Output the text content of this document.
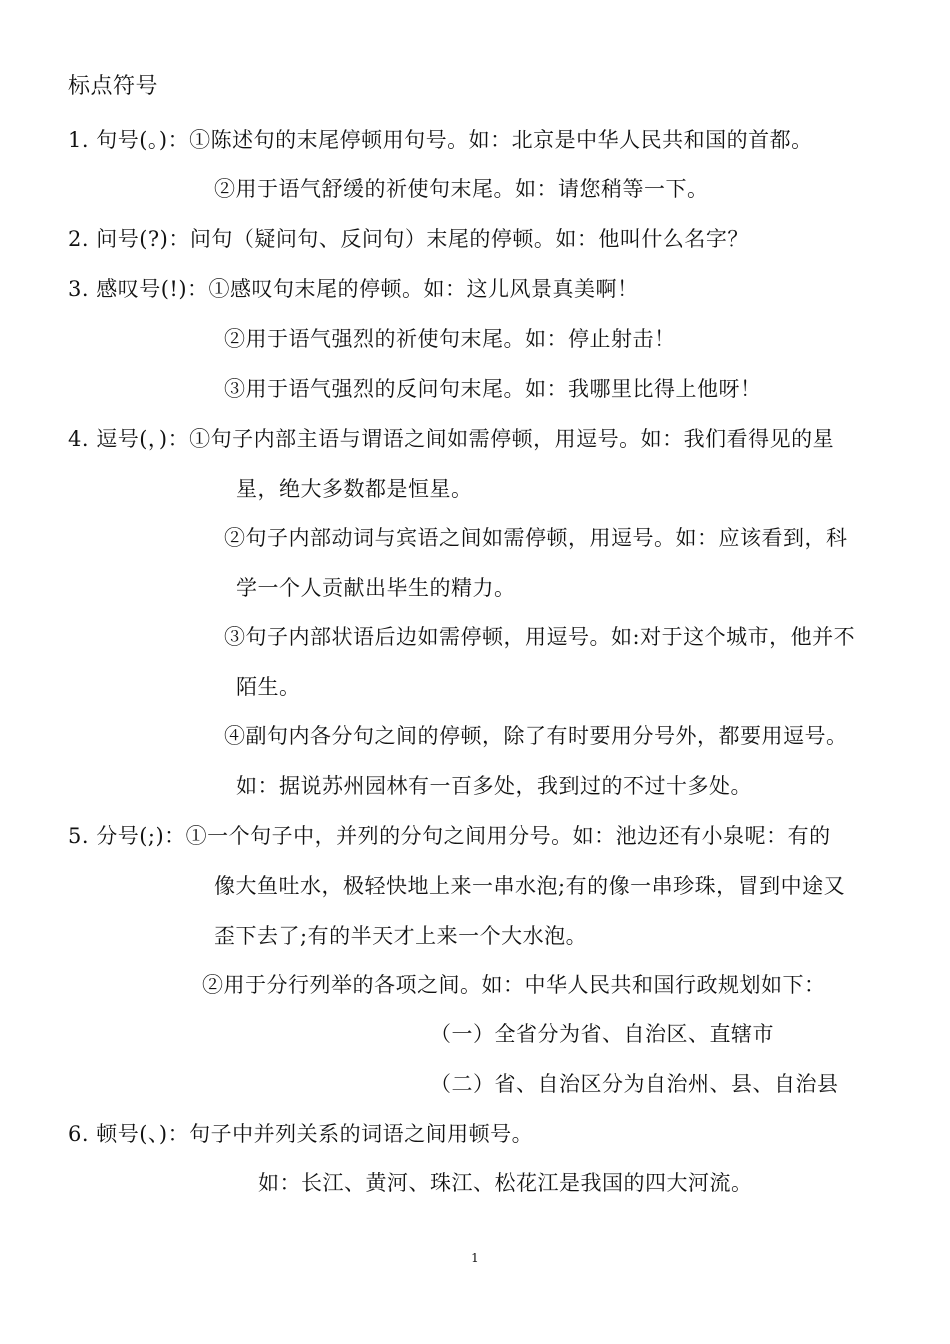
标点符号
1. 句号(。)：①陈述句的末尾停顿用句号。如：北京是中华人民共和国的首都。
②用于语气舒缓的祈使句末尾。如：请您稍等一下。
2. 问号(?)：问句（疑问句、反问句）末尾的停顿。如：他叫什么名字？
3. 感叹号(!)：①感叹句末尾的停顿。如：这儿风景真美啊！
②用于语气强烈的祈使句末尾。如：停止射击！
③用于语气强烈的反问句末尾。如：我哪里比得上他呀！
4. 逗号(，)：①句子内部主语与谓语之间如需停顿，用逗号。如：我们看得见的星
星，绝大多数都是恒星。
②句子内部动词与宾语之间如需停顿，用逗号。如：应该看到，科
学一个人贡献出毕生的精力。
③句子内部状语后边如需停顿，用逗号。如:对于这个城市，他并不
陌生。
④副句内各分句之间的停顿，除了有时要用分号外，都要用逗号。
如：据说苏州园林有一百多处，我到过的不过十多处。
5. 分号(;)：①一个句子中，并列的分句之间用分号。如：池边还有小泉呢：有的
像大鱼吐水，极轻快地上来一串水泡;有的像一串珍珠，冒到中途又
歪下去了;有的半天才上来一个大水泡。
②用于分行列举的各项之间。如：中华人民共和国行政规划如下：
（一）全省分为省、自治区、直辖市
（二）省、自治区分为自治州、县、自治县
6. 顿号(、)：句子中并列关系的词语之间用顿号。
如：长江、黄河、珠江、松花江是我国的四大河流。
1
